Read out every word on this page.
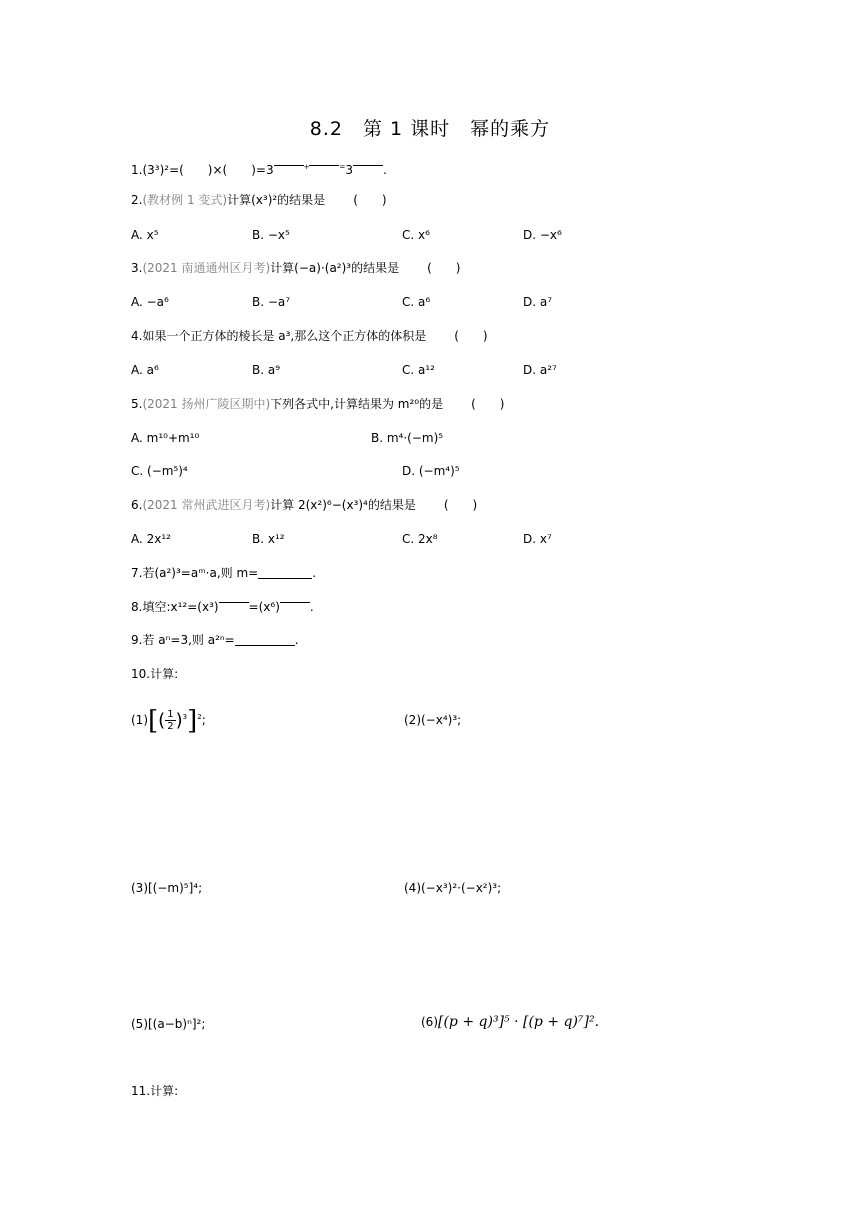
8.2　第 1 课时　幂的乘方
1.(3³)²=(　　)×(　　)=3	+	=3	.
2.(教材例 1 变式)计算(x³)²的结果是 (　　)
A. x⁵	B. −x⁵	C. x⁶	D. −x⁶
3.(2021 南通通州区月考)计算(−a)·(a²)³的结果是 (　　)
A. −a⁶	B. −a⁷	C. a⁶	D. a⁷
4.如果一个正方体的棱长是 a³,那么这个正方体的体积是 (　　)
A. a⁶	B. a⁹	C. a¹²	D. a²⁷
5.(2021 扬州广陵区期中)下列各式中,计算结果为 m²⁰的是 (　　)
A. m¹⁰+m¹⁰	B. m⁴·(−m)⁵
C. (−m⁵)⁴	D. (−m⁴)⁵
6.(2021 常州武进区月考)计算 2(x²)⁶−(x³)⁴的结果是 (　　)
A. 2x¹²	B. x¹²	C. 2x⁸	D. x⁷
7.若(a²)³=aᵐ·a,则 m=	.
8.填空:x¹²=(x³)	=(x⁶)	.
9.若 aⁿ=3,则 a²ⁿ=	.
10.计算:
$(1)[( \frac{1}{2} )^3]^2$;	(2)(−x⁴)³;
(3)[(−m)⁵]⁴;	(4)(−x³)²·(−x²)³;
(5)[(a−b)ⁿ]²;	(6)[(p + q)³]⁵ · [(p + q)⁷]².
11.计算:
